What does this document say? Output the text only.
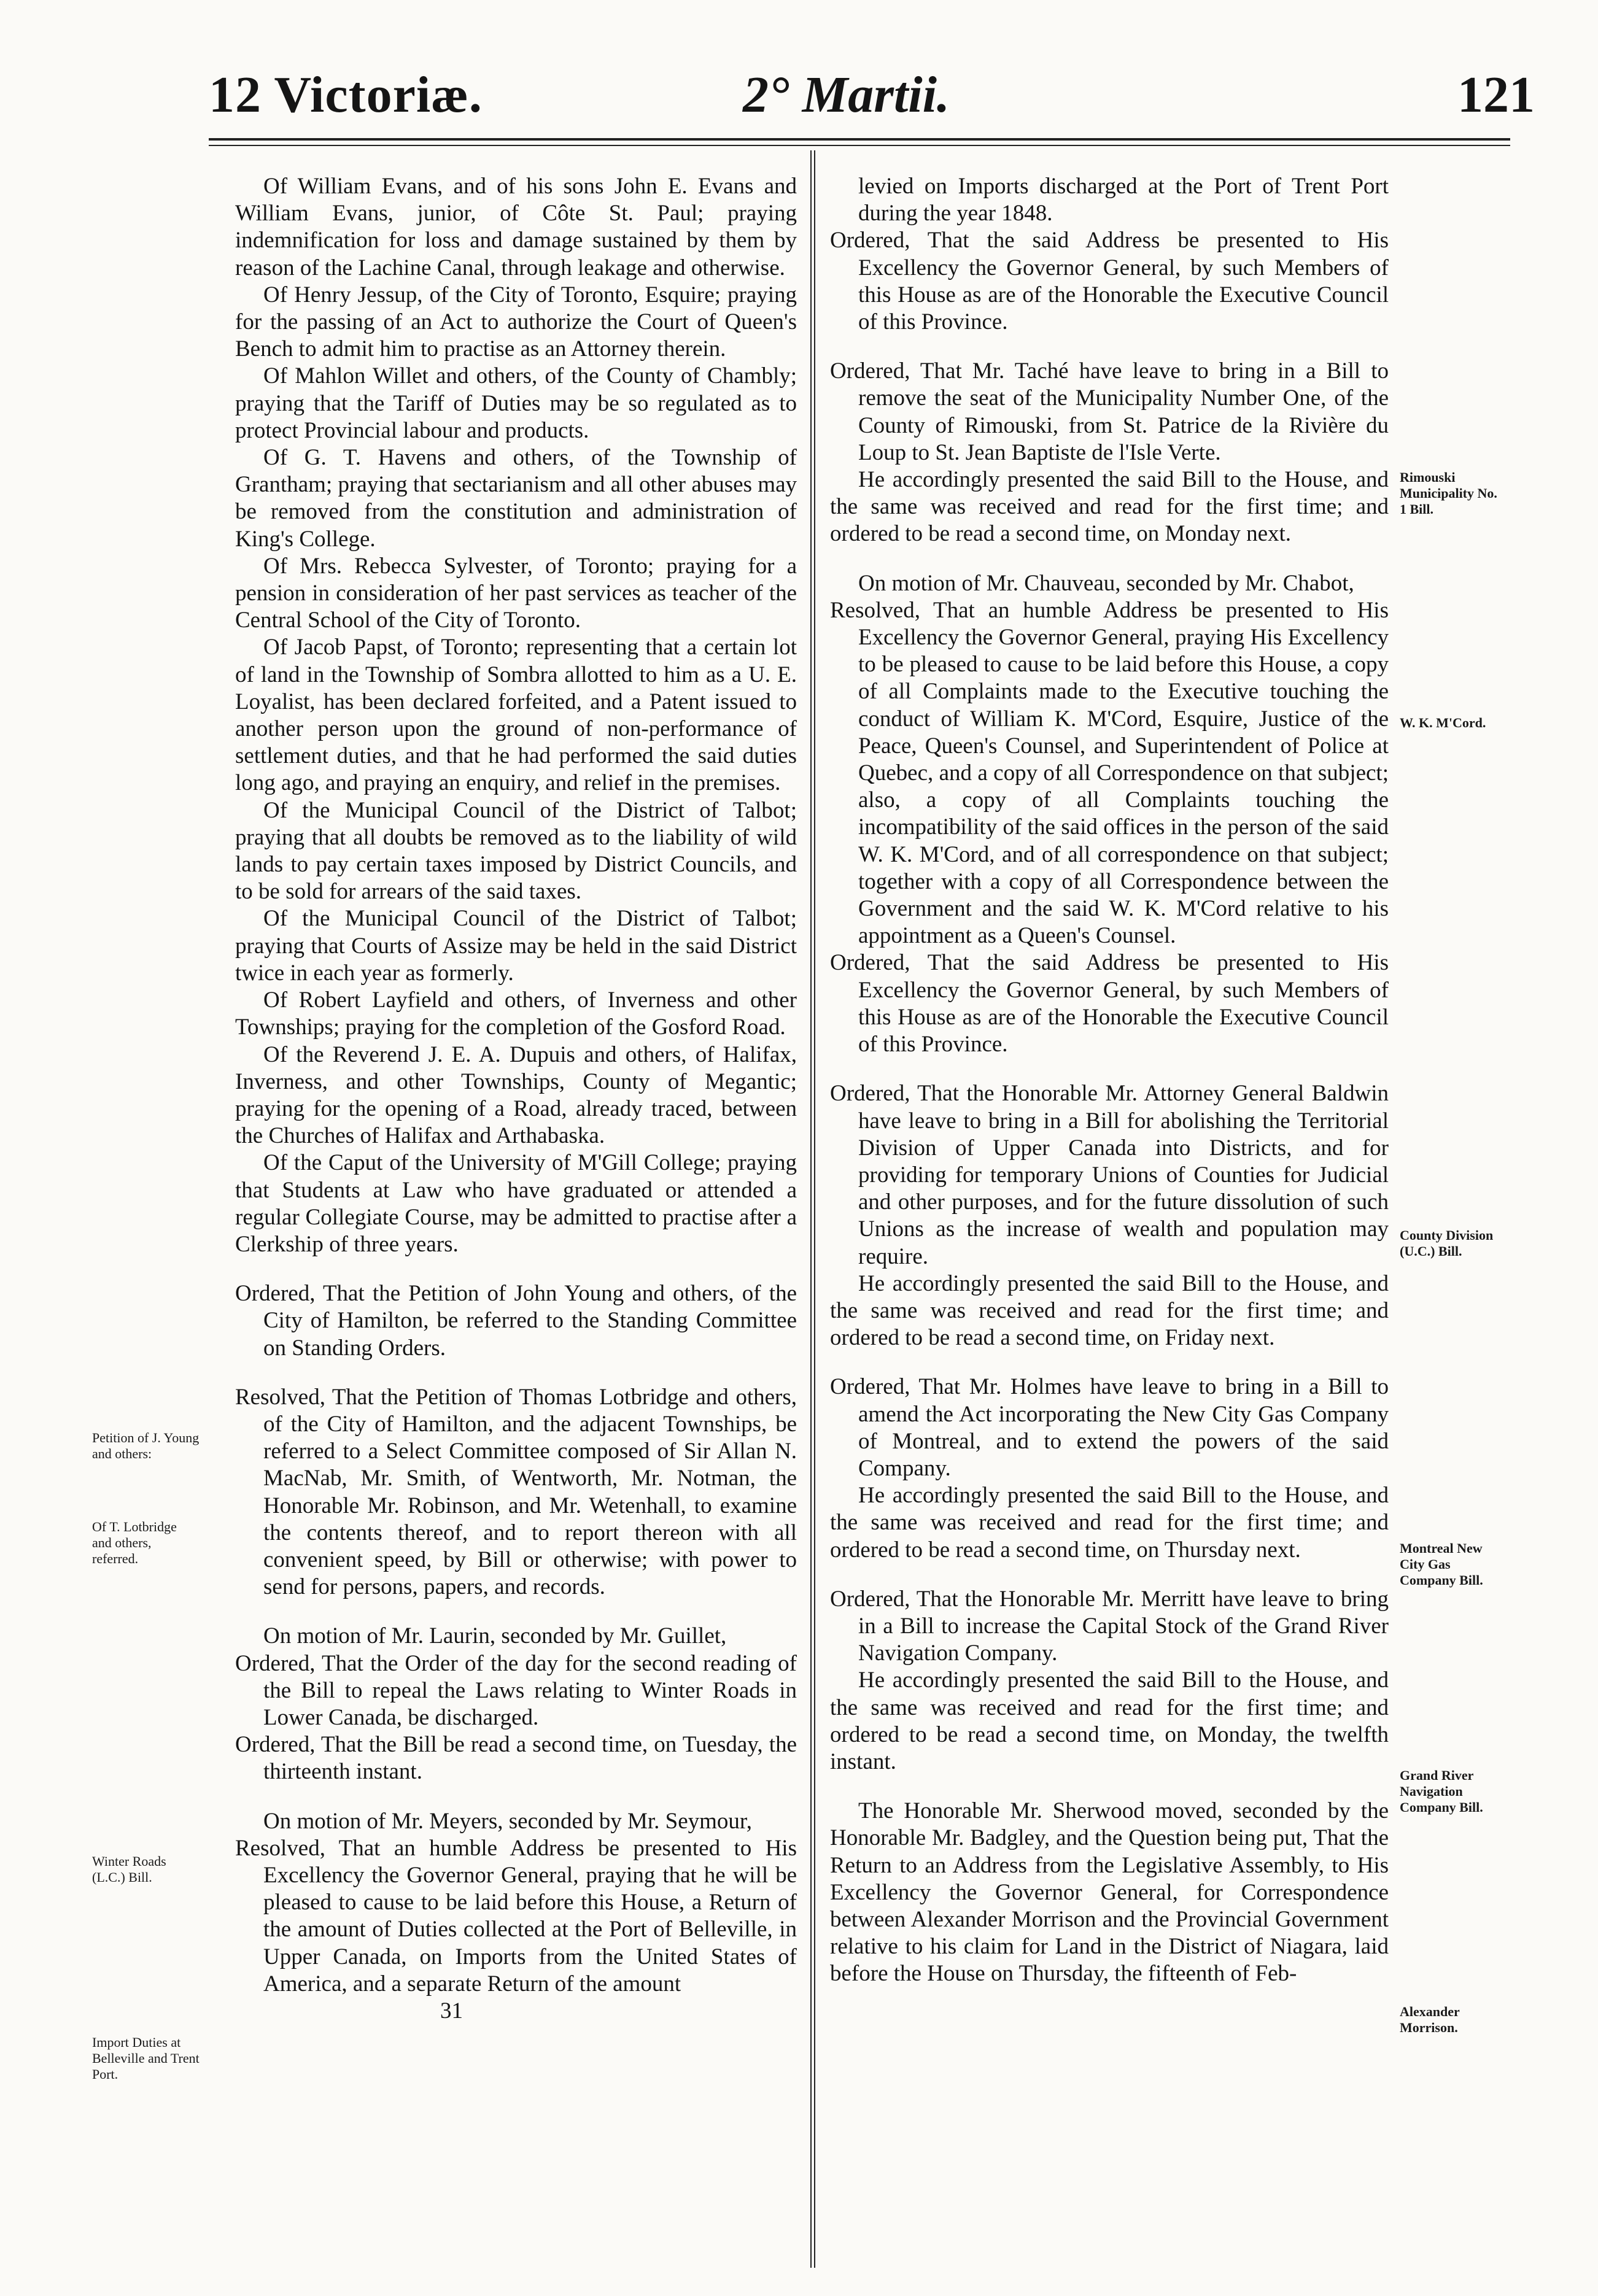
12 Victoriæ.	2° Martii.	121

Of William Evans, and of his sons John E. Evans and William Evans, junior, of Côte St. Paul; praying indemnification for loss and damage sustained by them by reason of the Lachine Canal, through leakage and otherwise.

Of Henry Jessup, of the City of Toronto, Esquire; praying for the passing of an Act to authorize the Court of Queen's Bench to admit him to practise as an Attorney therein.

Of Mahlon Willet and others, of the County of Chambly; praying that the Tariff of Duties may be so regulated as to protect Provincial labour and products.

Of G. T. Havens and others, of the Township of Grantham; praying that sectarianism and all other abuses may be removed from the constitution and administration of King's College.

Of Mrs. Rebecca Sylvester, of Toronto; praying for a pension in consideration of her past services as teacher of the Central School of the City of Toronto.

Of Jacob Papst, of Toronto; representing that a certain lot of land in the Township of Sombra allotted to him as a U. E. Loyalist, has been declared forfeited, and a Patent issued to another person upon the ground of non-performance of settlement duties, and that he had performed the said duties long ago, and praying an enquiry, and relief in the premises.

Of the Municipal Council of the District of Talbot; praying that all doubts be removed as to the liability of wild lands to pay certain taxes imposed by District Councils, and to be sold for arrears of the said taxes.

Of the Municipal Council of the District of Talbot; praying that Courts of Assize may be held in the said District twice in each year as formerly.

Of Robert Layfield and others, of Inverness and other Townships; praying for the completion of the Gosford Road.

Of the Reverend J. E. A. Dupuis and others, of Halifax, Inverness, and other Townships, County of Megantic; praying for the opening of a Road, already traced, between the Churches of Halifax and Arthabaska.

Of the Caput of the University of M'Gill College; praying that Students at Law who have graduated or attended a regular Collegiate Course, may be admitted to practise after a Clerkship of three years.

Ordered, That the Petition of John Young and others, of the City of Hamilton, be referred to the Standing Committee on Standing Orders.

Resolved, That the Petition of Thomas Lotbridge and others, of the City of Hamilton, and the adjacent Townships, be referred to a Select Committee composed of Sir Allan N. MacNab, Mr. Smith, of Wentworth, Mr. Notman, the Honorable Mr. Robinson, and Mr. Wetenhall, to examine the contents thereof, and to report thereon with all convenient speed, by Bill or otherwise; with power to send for persons, papers, and records.

On motion of Mr. Laurin, seconded by Mr. Guillet,

Ordered, That the Order of the day for the second reading of the Bill to repeal the Laws relating to Winter Roads in Lower Canada, be discharged.

Ordered, That the Bill be read a second time, on Tuesday, the thirteenth instant.

On motion of Mr. Meyers, seconded by Mr. Seymour,

Resolved, That an humble Address be presented to His Excellency the Governor General, praying that he will be pleased to cause to be laid before this House, a Return of the amount of Duties collected at the Port of Belleville, in Upper Canada, on Imports from the United States of America, and a separate Return of the amount

31

levied on Imports discharged at the Port of Trent Port during the year 1848.

Ordered, That the said Address be presented to His Excellency the Governor General, by such Members of this House as are of the Honorable the Executive Council of this Province.

Ordered, That Mr. Taché have leave to bring in a Bill to remove the seat of the Municipality Number One, of the County of Rimouski, from St. Patrice de la Rivière du Loup to St. Jean Baptiste de l'Isle Verte.

He accordingly presented the said Bill to the House, and the same was received and read for the first time; and ordered to be read a second time, on Monday next.

On motion of Mr. Chauveau, seconded by Mr. Chabot,

Resolved, That an humble Address be presented to His Excellency the Governor General, praying His Excellency to be pleased to cause to be laid before this House, a copy of all Complaints made to the Executive touching the conduct of William K. M'Cord, Esquire, Justice of the Peace, Queen's Counsel, and Superintendent of Police at Quebec, and a copy of all Correspondence on that subject; also, a copy of all Complaints touching the incompatibility of the said offices in the person of the said W. K. M'Cord, and of all correspondence on that subject; together with a copy of all Correspondence between the Government and the said W. K. M'Cord relative to his appointment as a Queen's Counsel.

Ordered, That the said Address be presented to His Excellency the Governor General, by such Members of this House as are of the Honorable the Executive Council of this Province.

Ordered, That the Honorable Mr. Attorney General Baldwin have leave to bring in a Bill for abolishing the Territorial Division of Upper Canada into Districts, and for providing for temporary Unions of Counties for Judicial and other purposes, and for the future dissolution of such Unions as the increase of wealth and population may require.

He accordingly presented the said Bill to the House, and the same was received and read for the first time; and ordered to be read a second time, on Friday next.

Ordered, That Mr. Holmes have leave to bring in a Bill to amend the Act incorporating the New City Gas Company of Montreal, and to extend the powers of the said Company.

He accordingly presented the said Bill to the House, and the same was received and read for the first time; and ordered to be read a second time, on Thursday next.

Ordered, That the Honorable Mr. Merritt have leave to bring in a Bill to increase the Capital Stock of the Grand River Navigation Company.

He accordingly presented the said Bill to the House, and the same was received and read for the first time; and ordered to be read a second time, on Monday, the twelfth instant.

The Honorable Mr. Sherwood moved, seconded by the Honorable Mr. Badgley, and the Question being put, That the Return to an Address from the Legislative Assembly, to His Excellency the Governor General, for Correspondence between Alexander Morrison and the Provincial Government relative to his claim for Land in the District of Niagara, laid before the House on Thursday, the fifteenth of Feb-

Petition of J. Young and others:
Of T. Lotbridge and others, referred.
Winter Roads (L.C.) Bill.
Import Duties at Belleville and Trent Port.
Rimouski Municipality No. 1 Bill.
W. K. M'Cord.
County Division (U.C.) Bill.
Montreal New City Gas Company Bill.
Grand River Navigation Company Bill.
Alexander Morrison.
